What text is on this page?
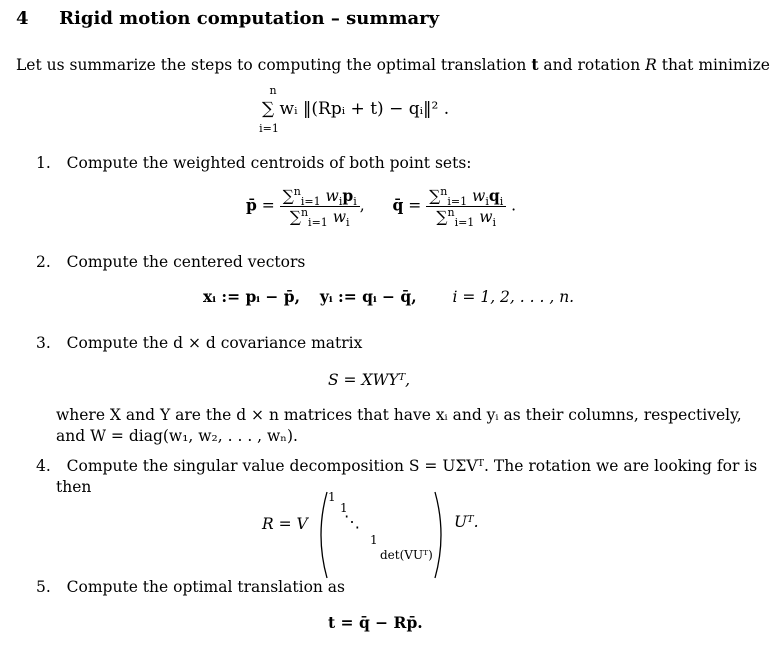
4 Rigid motion computation – summary
Let us summarize the steps to computing the optimal translation t and rotation R that minimize
n
i=1
∑ wᵢ ‖(Rpᵢ + t) − qᵢ‖² .
1. Compute the weighted centroids of both point sets:
p̄ = $\frac{\sum^n_{i=1} w_ip_i}{\sum^n_{i=1} w_i}$ ,  q̄ = $\frac{\sum^n_{i=1} w_iq_i}{\sum^n_{i=1} w_i}$ .
2. Compute the centered vectors
xᵢ := pᵢ − p̄, yᵢ := qᵢ − q̄, i = 1, 2, . . . , n.
3. Compute the d × d covariance matrix
S = XWYᵀ,
where X and Y are the d × n matrices that have xᵢ and yᵢ as their columns, respectively,
and W = diag(w₁, w₂, . . . , wₙ).
4. Compute the singular value decomposition S = UΣVᵀ. The rotation we are looking for is
then
R = V
1
1
⋱
1
det(VUᵀ)
Uᵀ.
5. Compute the optimal translation as
t = q̄ − Rp̄.
